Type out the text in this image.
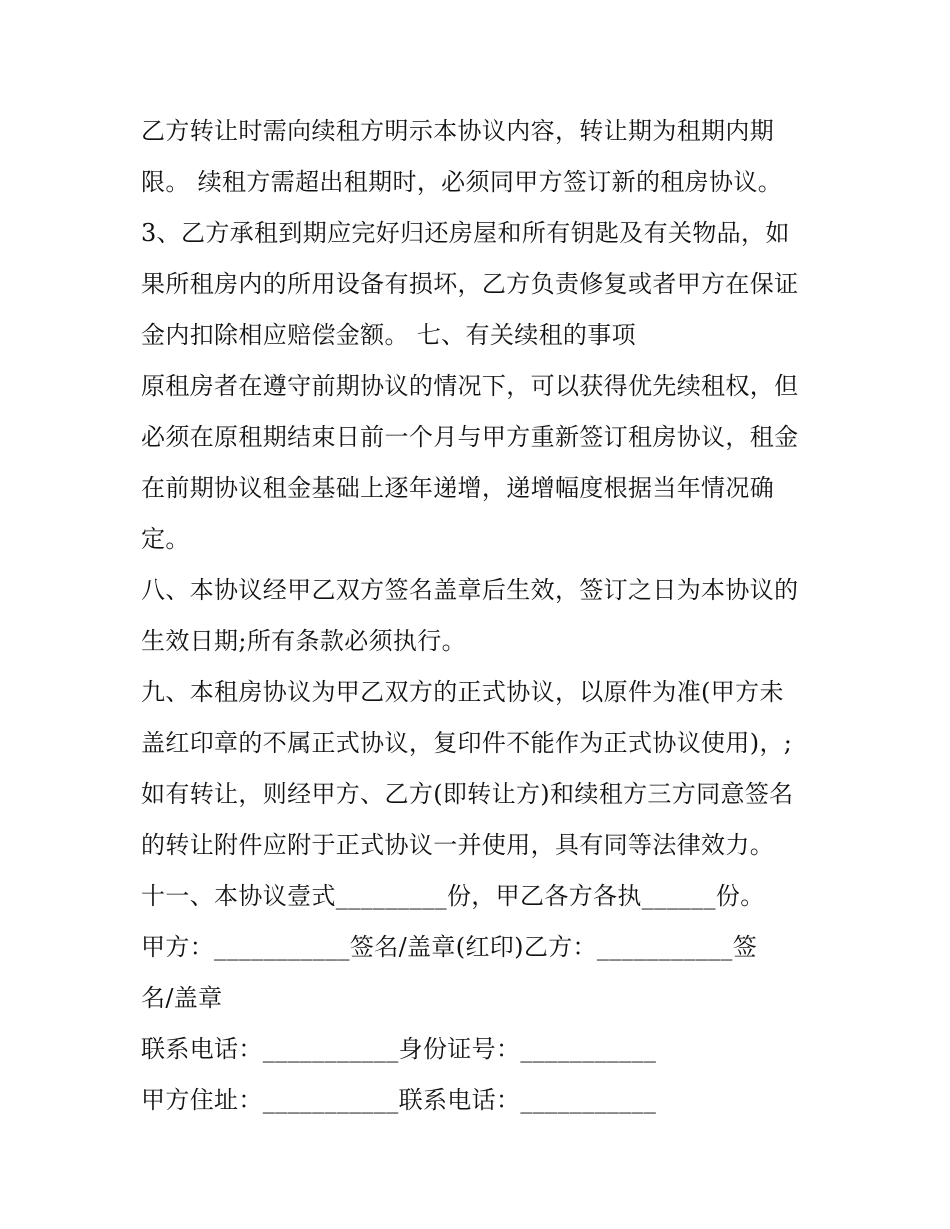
乙方转让时需向续租方明示本协议内容，转让期为租期内期
限。 续租方需超出租期时，必须同甲方签订新的租房协议。
3、乙方承租到期应完好归还房屋和所有钥匙及有关物品，如
果所租房内的所用设备有损坏，乙方负责修复或者甲方在保证
金内扣除相应赔偿金额。 七、有关续租的事项
原租房者在遵守前期协议的情况下，可以获得优先续租权，但
必须在原租期结束日前一个月与甲方重新签订租房协议，租金
在前期协议租金基础上逐年递增，递增幅度根据当年情况确
定。
八、本协议经甲乙双方签名盖章后生效，签订之日为本协议的
生效日期;所有条款必须执行。
九、本租房协议为甲乙双方的正式协议，以原件为准(甲方未
盖红印章的不属正式协议，复印件不能作为正式协议使用)，;
如有转让，则经甲方、乙方(即转让方)和续租方三方同意签名
的转让附件应附于正式协议一并使用，具有同等法律效力。
十一、本协议壹式_________份，甲乙各方各执______份。
甲方：___________签名/盖章(红印)乙方：___________签
名/盖章
联系电话：___________身份证号：___________
甲方住址：___________联系电话：___________
